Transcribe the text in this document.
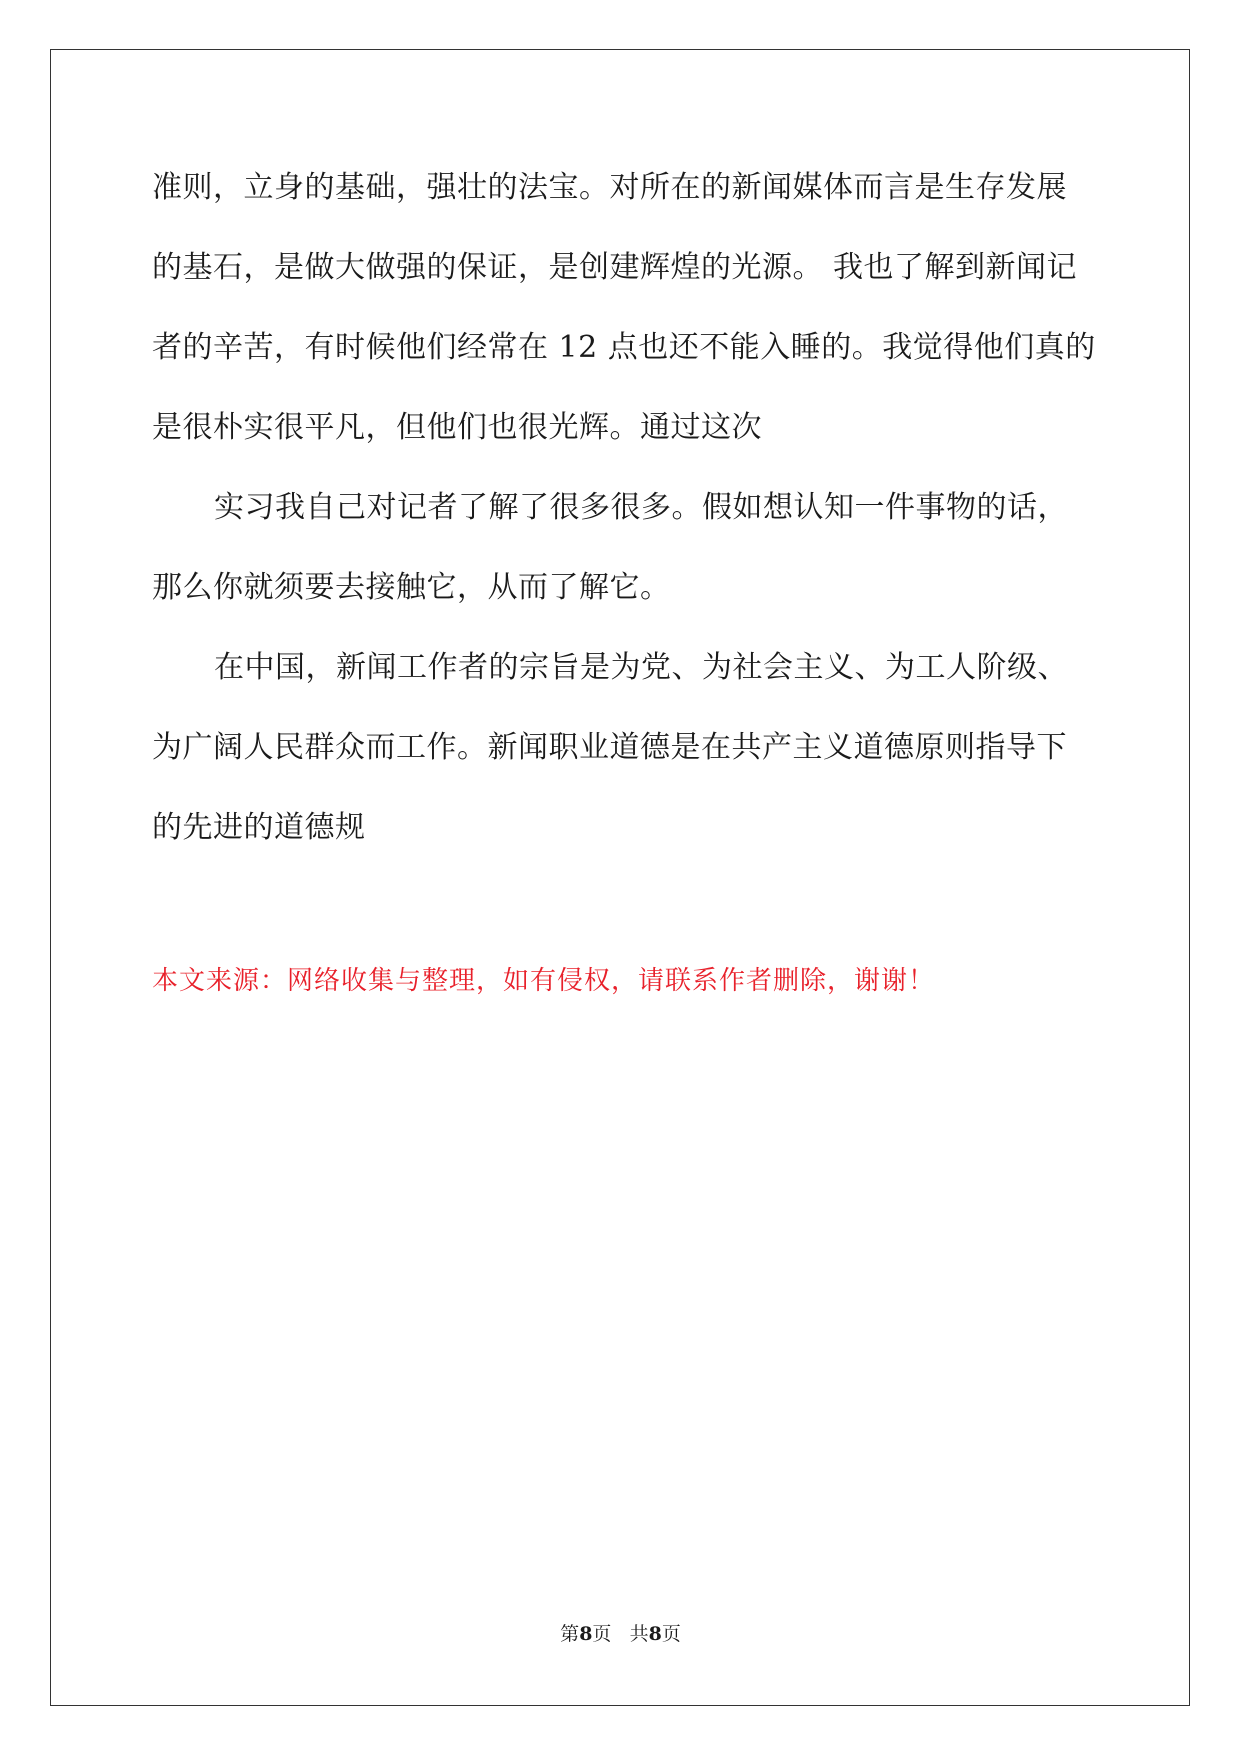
准则，立身的基础，强壮的法宝。对所在的新闻媒体而言是生存发展
的基石，是做大做强的保证，是创建辉煌的光源。 我也了解到新闻记
者的辛苦，有时候他们经常在 12 点也还不能入睡的。我觉得他们真的
是很朴实很平凡，但他们也很光辉。通过这次
实习我自己对记者了解了很多很多。假如想认知一件事物的话，
那么你就须要去接触它，从而了解它。
在中国，新闻工作者的宗旨是为党、为社会主义、为工人阶级、
为广阔人民群众而工作。新闻职业道德是在共产主义道德原则指导下
的先进的道德规
本文来源：网络收集与整理，如有侵权，请联系作者删除，谢谢！
第8页 共8页
